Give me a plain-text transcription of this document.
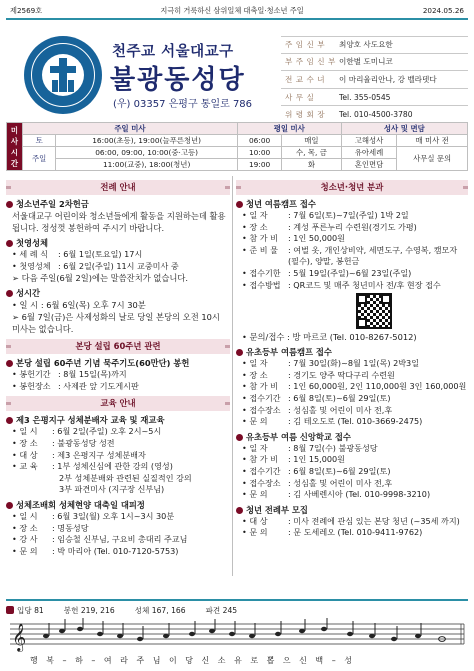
제2569호	지극히 거룩하신 삼위일체 대축일·청소년 주일	2024.05.26
천주교 서울대교구
불광동성당
(우) 03357 은평구 통일로 786
주 임 신 부	최양호 사도요한
부 주 임 신 부 이한별 도미니코
전 교 수 녀	이 마리율리안나, 강 벨라뎃다
사 무 실	Tel. 355-0545
위 령 회 장	Tel. 010-4500-3780
미사시간	주일 미사		평일 미사		성사 및 면담	
	토	16:00(초등), 19:00(늘푸른청년)	06:00	매일	고해성사	매 미사 전
	주일	06:00, 09:00, 10:00(중·고등)	10:00	수, 목, 금	유아세례	사무실 문의
		11:00(교중), 18:00(청년)	19:00	화	혼인면담	
전례 안내
청소년주일 2차헌금
서울대교구 어린이와 청소년들에게 활동을 지원하는데 활용됩니다. 정성껏 봉헌하여 주시기 바랍니다.
첫영성체
• 세 례 식	: 6월 1일(토요일) 17시
• 첫영성체 : 6월 2일(주일) 11시 교중미사 중
➢ 다음 주일(6월 2일)에는 말씀잔치가 없습니다.
성시간
• 일 시 : 6월 6일(목) 오후 7시 30분
➢ 6월 7일(금)은 사제성화의 날로 당일 본당의 오전 10시 미사는 없습니다.
본당 설립 60주년 관련
본당 설립 60주년 기념 묵주기도(60만단) 봉헌
• 봉헌기간 : 8월 15일(목)까지
• 봉헌장소 : 사제관 앞 기도게시판
교육 안내
제3 은평지구 성체분배자 교육 및 재교육
• 일 시	: 6월 2일(주일) 오후 2시~5시
• 장 소	: 불광동성당 성전
• 대 상	: 제3 은평지구 성체분배자
• 교 육	: 1부 성체신심에 관한 강의 (영성)
2부 성체분배와 관련된 실질적인 강의
3부 파견미사 (지구장 신부님)
성체조배회 성체현양 대축일 대피정
• 일 시	: 6월 3일(월) 오후 1시~3시 30분
• 장 소	: 명동성당
• 강 사	: 임승철 신부님, 구요비 총대리 주교님
• 문 의	: 박 마리아 (Tel. 010-7120-5753)
청소년·청년 분과
청년 여름캠프 접수
• 일 자	: 7월 6일(토)~7일(주일) 1박 2일
• 장 소	: 계성 푸른누리 수련원(경기도 가평)
• 참 가 비	: 1인 50,000원
• 준 비 물	: 여벌 옷, 개인상비약, 세면도구, 수영복, 캠모자(필수), 양말, 봉헌금
• 접수기한 : 5월 19일(주일)~6월 23일(주일)
• 접수방법 : QR코드 및 매주 청년미사 전/후 현장 접수
• 문의/접수 : 방 마르코 (Tel. 010-8267-5012)
유초등부 여름캠프 접수
• 일 자	: 7월 30일(화)~8월 1일(목) 2박3일
• 장 소	: 경기도 양주 딱다구리 수련원
• 참 가 비	: 1인 60,000원, 2인 110,000원 3인 160,000원
• 접수기간 : 6월 8일(토)~6월 29일(토)
• 접수장소 : 성심홀 및 어린이 미사 전,후
• 문 의	: 김 테오도로 (Tel. 010-3669-2475)
유초등부 여름 신앙학교 접수
• 일 자	: 8월 7일(수) 불광동성당
• 참 가 비	: 1인 15,000원
• 접수기간 : 6월 8일(토)~6월 29일(토)
• 접수장소 : 성심홀 및 어린이 미사 전,후
• 문 의	: 김 사베렌시아 (Tel. 010-9998-3210)
청년 전례부 모집
• 대 상	: 미사 전례에 관심 있는 본당 청년 (~35세 까지)
• 문 의	: 문 도세레오 (Tel. 010-9411-9762)
입당 81	봉헌 219, 216	성체 167, 166	파견 245
𝄞
행 복 – 하 – 여 라 주 님 이 당 신 소 유 로 뽑 으 신 백 – 성
